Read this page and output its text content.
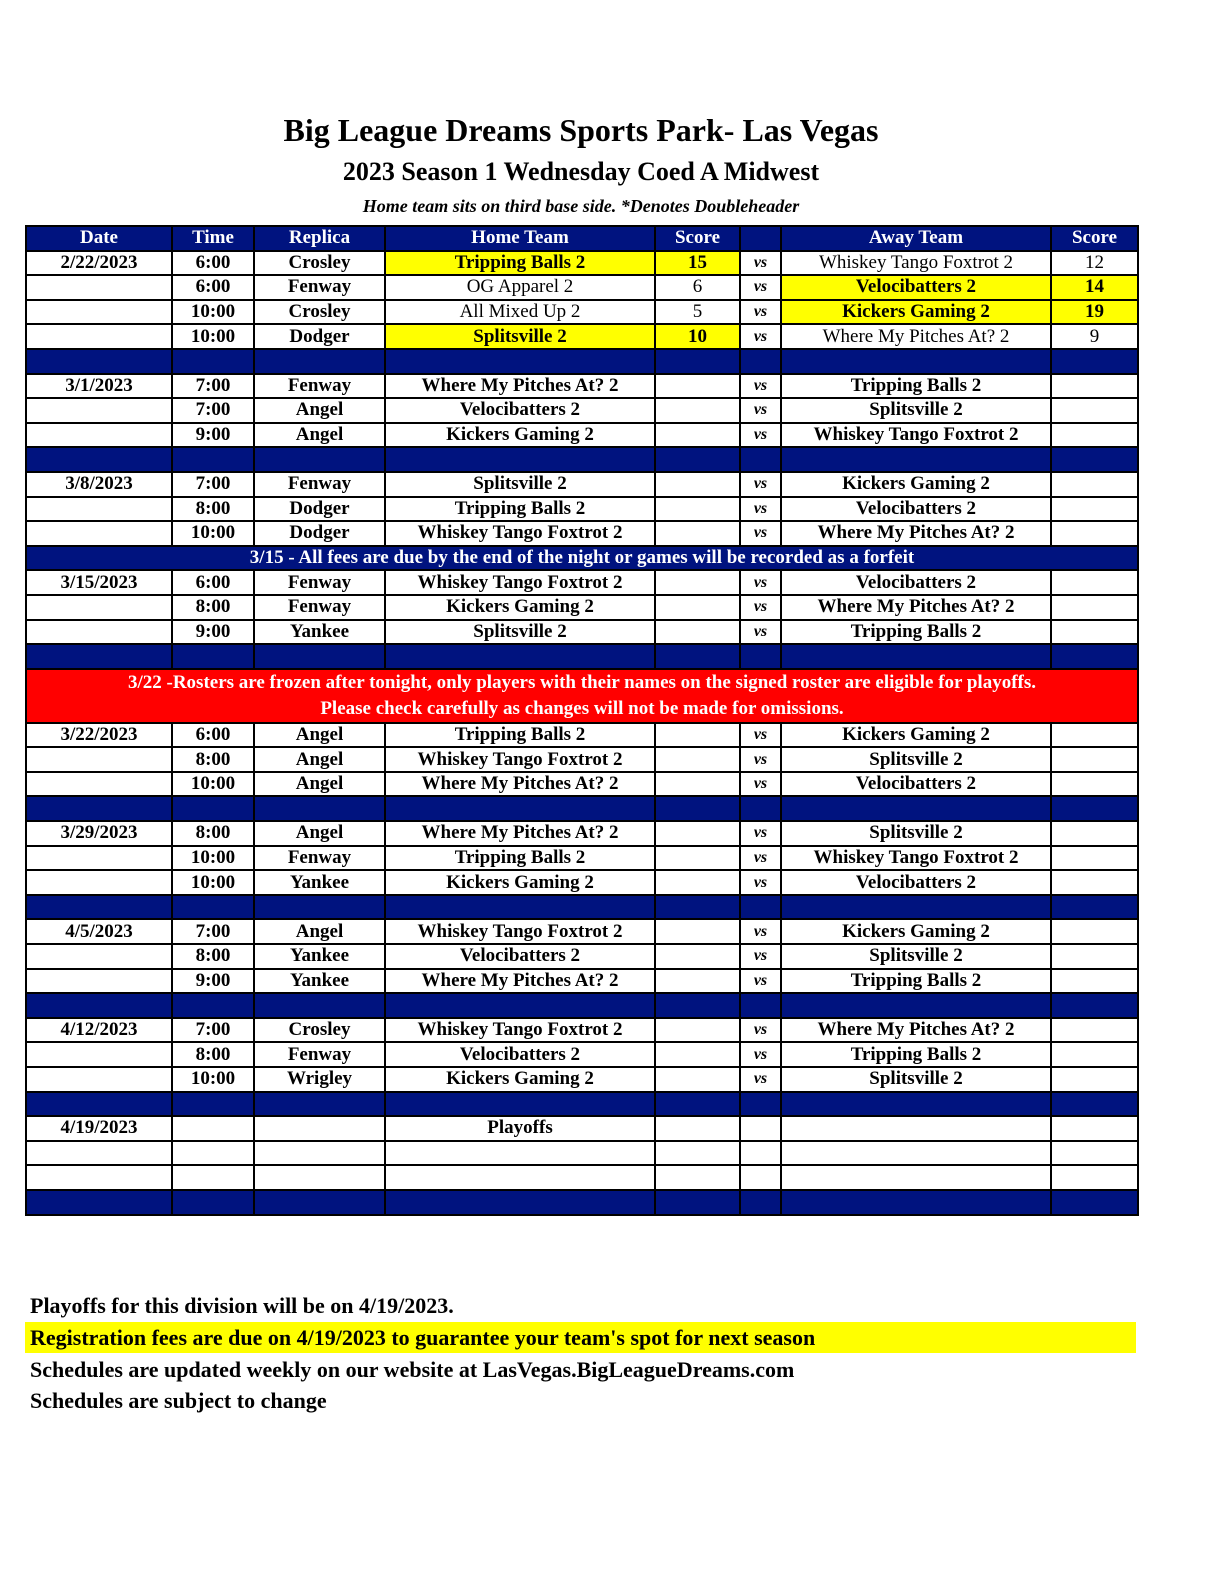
Big League Dreams Sports Park- Las Vegas
2023 Season 1 Wednesday Coed A Midwest
Home team sits on third base side. *Denotes Doubleheader
Date	Time	Replica	Home Team	Score		Away Team	Score
2/22/2023	6:00	Crosley	Tripping Balls 2	15	vs	Whiskey Tango Foxtrot 2	12
	6:00	Fenway	OG Apparel 2	6	vs	Velocibatters 2	14
	10:00	Crosley	All Mixed Up 2	5	vs	Kickers Gaming 2	19
	10:00	Dodger	Splitsville 2	10	vs	Where My Pitches At? 2	9

3/1/2023	7:00	Fenway	Where My Pitches At? 2		vs	Tripping Balls 2	
	7:00	Angel	Velocibatters 2		vs	Splitsville 2	
	9:00	Angel	Kickers Gaming 2		vs	Whiskey Tango Foxtrot 2	

3/8/2023	7:00	Fenway	Splitsville 2		vs	Kickers Gaming 2	
	8:00	Dodger	Tripping Balls 2		vs	Velocibatters 2	
	10:00	Dodger	Whiskey Tango Foxtrot 2		vs	Where My Pitches At? 2	
3/15 - All fees are due by the end of the night or games will be recorded as a forfeit							
3/15/2023	6:00	Fenway	Whiskey Tango Foxtrot 2		vs	Velocibatters 2	
	8:00	Fenway	Kickers Gaming 2		vs	Where My Pitches At? 2	
	9:00	Yankee	Splitsville 2		vs	Tripping Balls 2	

3/22 -Rosters are frozen after tonight, only players with their names on the signed roster are eligible for playoffs.
Please check carefully as changes will not be made for omissions.							

3/22/2023	6:00	Angel	Tripping Balls 2		vs	Kickers Gaming 2	
	8:00	Angel	Whiskey Tango Foxtrot 2		vs	Splitsville 2	
	10:00	Angel	Where My Pitches At? 2		vs	Velocibatters 2	

3/29/2023	8:00	Angel	Where My Pitches At? 2		vs	Splitsville 2	
	10:00	Fenway	Tripping Balls 2		vs	Whiskey Tango Foxtrot 2	
	10:00	Yankee	Kickers Gaming 2		vs	Velocibatters 2	

4/5/2023	7:00	Angel	Whiskey Tango Foxtrot 2		vs	Kickers Gaming 2	
	8:00	Yankee	Velocibatters 2		vs	Splitsville 2	
	9:00	Yankee	Where My Pitches At? 2		vs	Tripping Balls 2	

4/12/2023	7:00	Crosley	Whiskey Tango Foxtrot 2		vs	Where My Pitches At? 2	
	8:00	Fenway	Velocibatters 2		vs	Tripping Balls 2	
	10:00	Wrigley	Kickers Gaming 2		vs	Splitsville 2	

4/19/2023			Playoffs				

Playoffs for this division will be on 4/19/2023.
Registration fees are due on 4/19/2023 to guarantee your team's spot for next season
Schedules are updated weekly on our website at LasVegas.BigLeagueDreams.com
Schedules are subject to change
